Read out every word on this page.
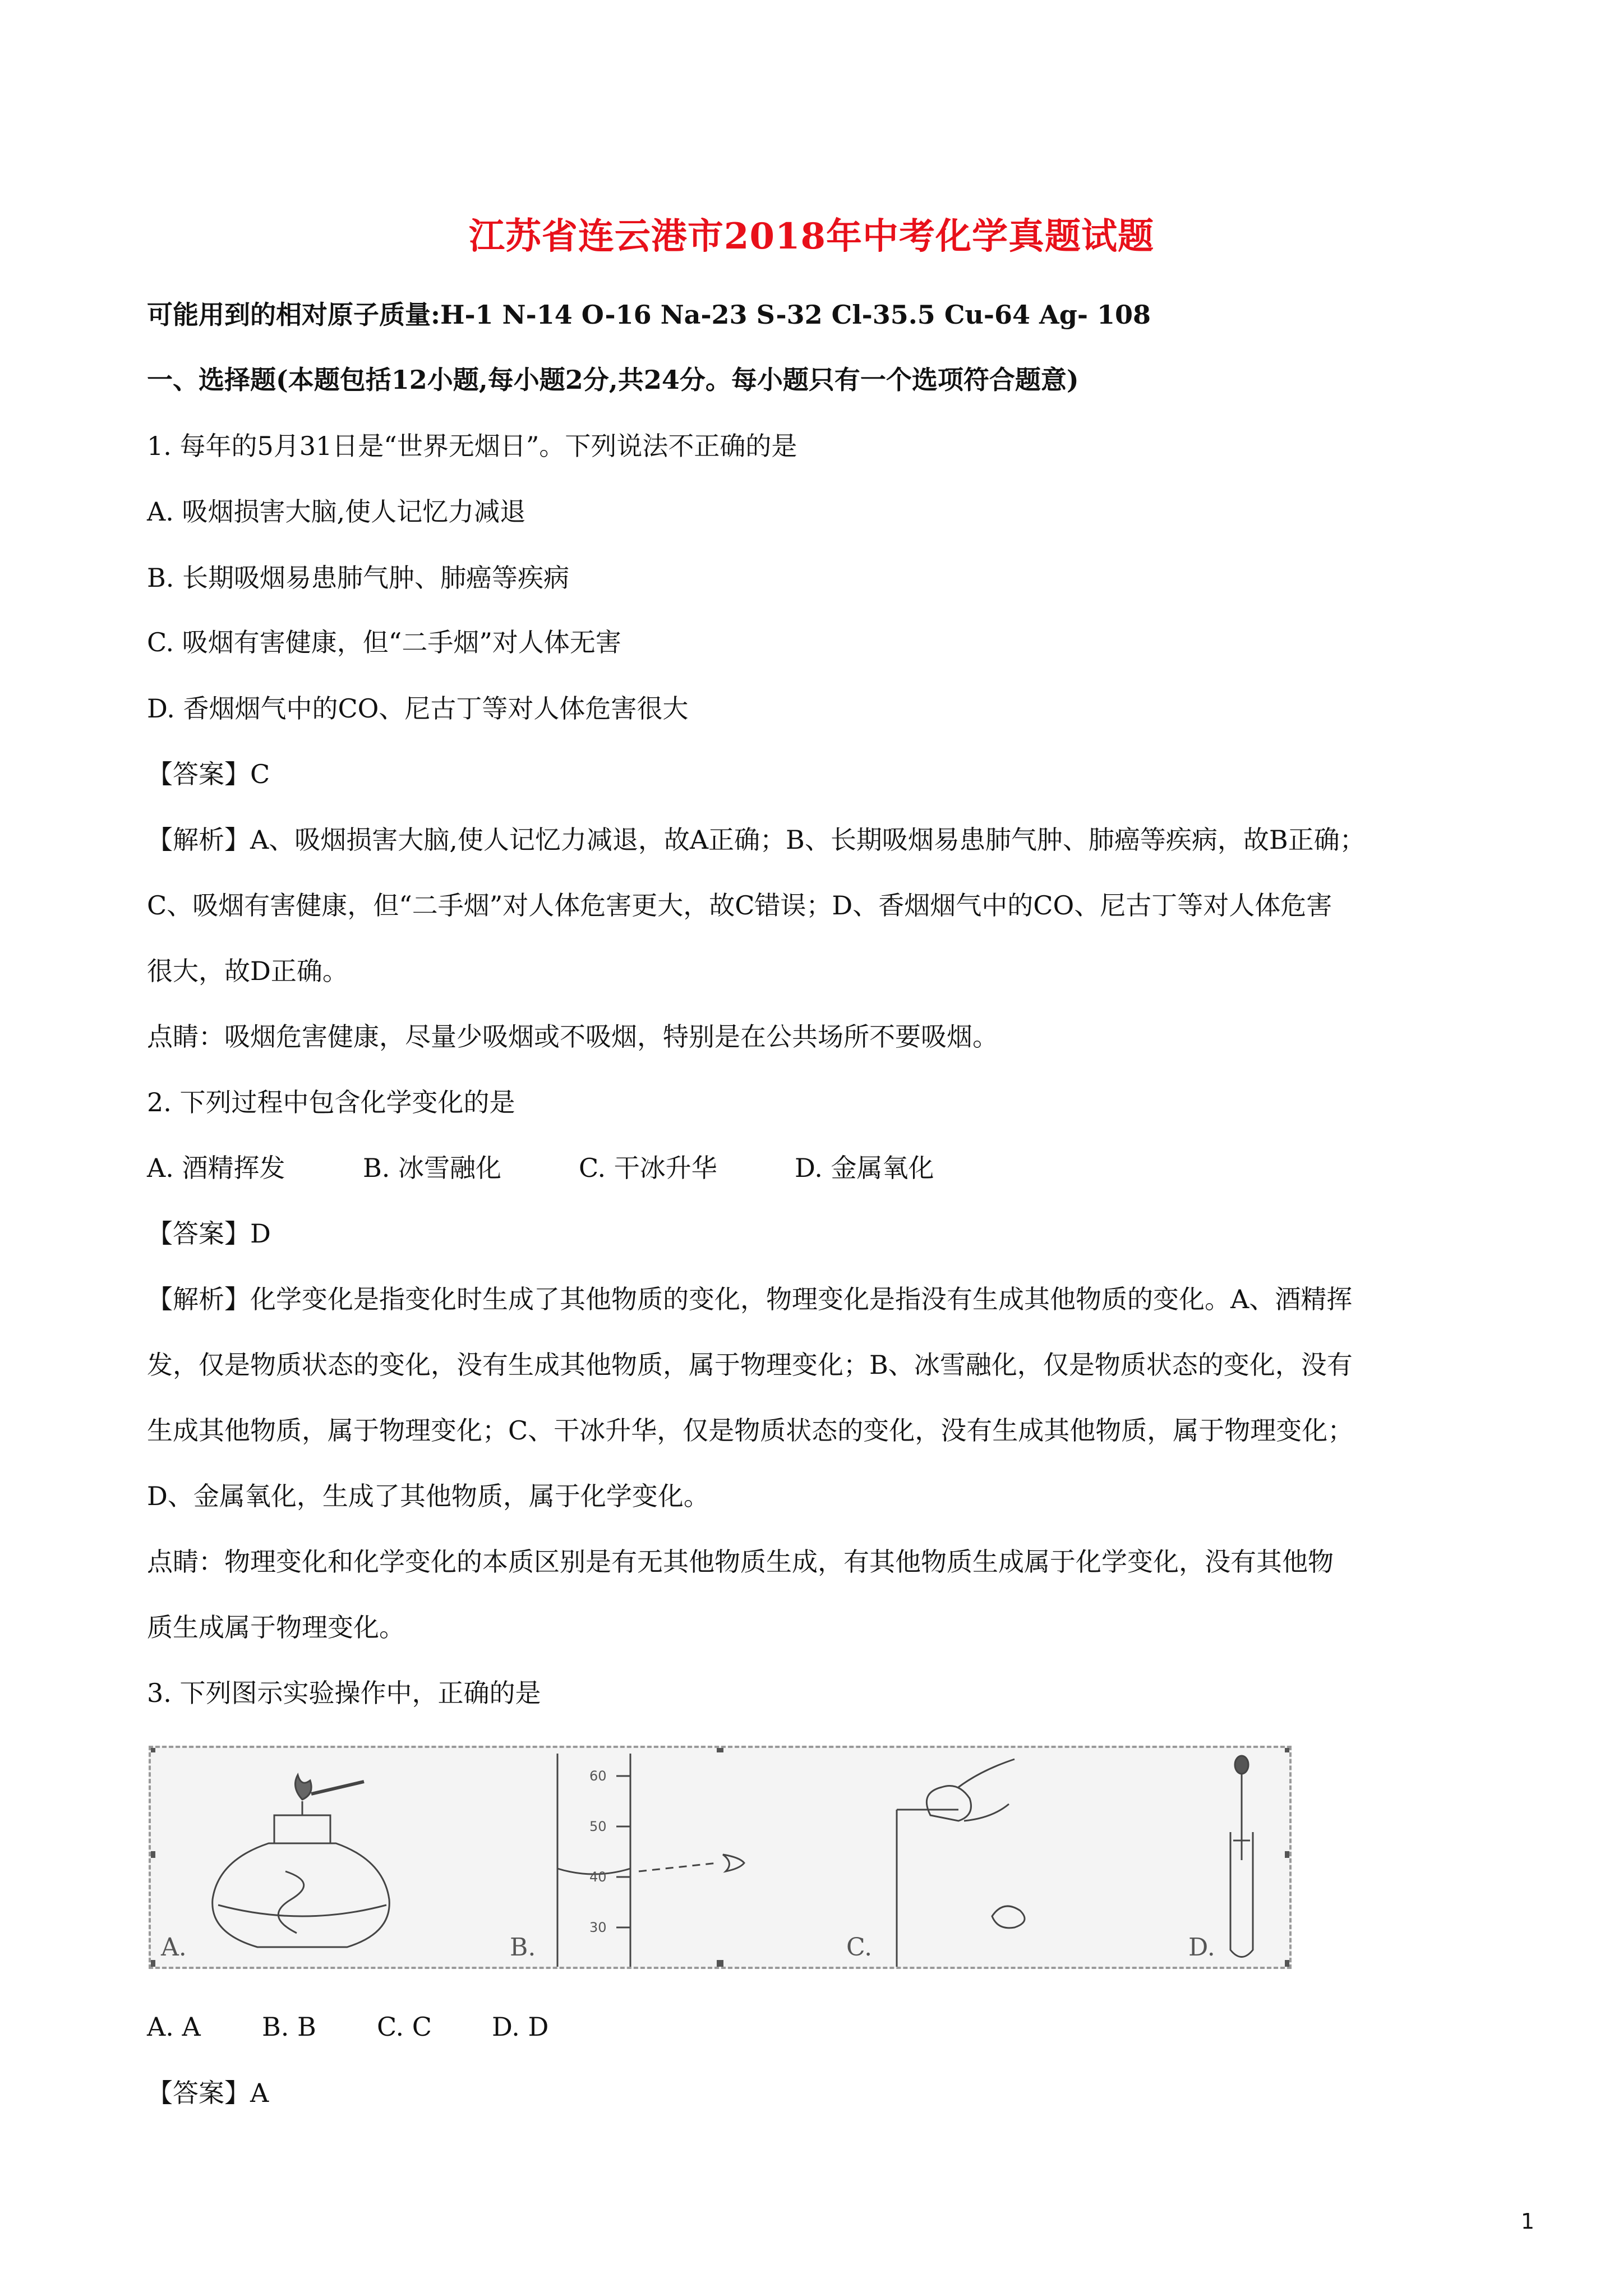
江苏省连云港市2018年中考化学真题试题
可能用到的相对原子质量:H-1 N-14 O-16 Na-23 S-32 Cl-35.5 Cu-64 Ag- 108
一、选择题(本题包括12小题,每小题2分,共24分。每小题只有一个选项符合题意)
1. 每年的5月31日是“世界无烟日”。下列说法不正确的是
A. 吸烟损害大脑,使人记忆力减退
B. 长期吸烟易患肺气肿、肺癌等疾病
C. 吸烟有害健康，但“二手烟”对人体无害
D. 香烟烟气中的CO、尼古丁等对人体危害很大
【答案】C
【解析】A、吸烟损害大脑,使人记忆力减退，故A正确；B、长期吸烟易患肺气肿、肺癌等疾病，故B正确；
C、吸烟有害健康，但“二手烟”对人体危害更大，故C错误；D、香烟烟气中的CO、尼古丁等对人体危害
很大，故D正确。
点睛：吸烟危害健康，尽量少吸烟或不吸烟，特别是在公共场所不要吸烟。
2. 下列过程中包含化学变化的是
A. 酒精挥发	B. 冰雪融化	C. 干冰升华	D. 金属氧化
【答案】D
【解析】化学变化是指变化时生成了其他物质的变化，物理变化是指没有生成其他物质的变化。A、酒精挥
发，仅是物质状态的变化，没有生成其他物质，属于物理变化；B、冰雪融化，仅是物质状态的变化，没有
生成其他物质，属于物理变化；C、干冰升华，仅是物质状态的变化，没有生成其他物质，属于物理变化；
D、金属氧化，生成了其他物质，属于化学变化。
点睛：物理变化和化学变化的本质区别是有无其他物质生成，有其他物质生成属于化学变化，没有其他物
质生成属于物理变化。
3. 下列图示实验操作中，正确的是
60
50
40
30
A.	B.	C.	D.
A. A B. B C. C D. D
【答案】A
1
